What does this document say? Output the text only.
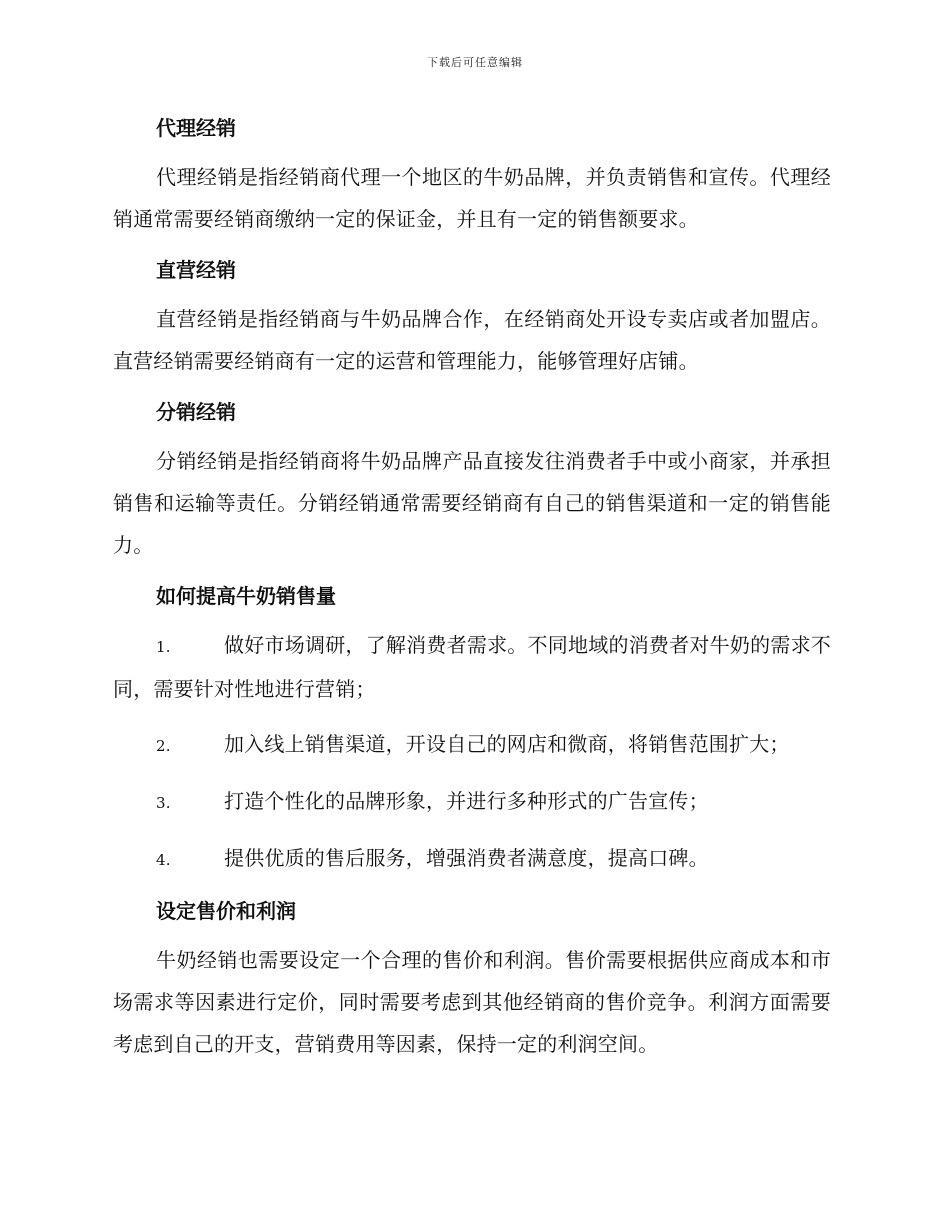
下载后可任意编辑
代理经销

代理经销是指经销商代理一个地区的牛奶品牌，并负责销售和宣传。代理经销通常需要经销商缴纳一定的保证金，并且有一定的销售额要求。

直营经销

直营经销是指经销商与牛奶品牌合作，在经销商处开设专卖店或者加盟店。直营经销需要经销商有一定的运营和管理能力，能够管理好店铺。

分销经销

分销经销是指经销商将牛奶品牌产品直接发往消费者手中或小商家，并承担销售和运输等责任。分销经销通常需要经销商有自己的销售渠道和一定的销售能力。

如何提高牛奶销售量
1.	做好市场调研，了解消费者需求。不同地域的消费者对牛奶的需求不同，需要针对性地进行营销；
2.	加入线上销售渠道，开设自己的网店和微商，将销售范围扩大；
3.	打造个性化的品牌形象，并进行多种形式的广告宣传；
4.	提供优质的售后服务，增强消费者满意度，提高口碑。
设定售价和利润

牛奶经销也需要设定一个合理的售价和利润。售价需要根据供应商成本和市场需求等因素进行定价，同时需要考虑到其他经销商的售价竞争。利润方面需要考虑到自己的开支，营销费用等因素，保持一定的利润空间。
